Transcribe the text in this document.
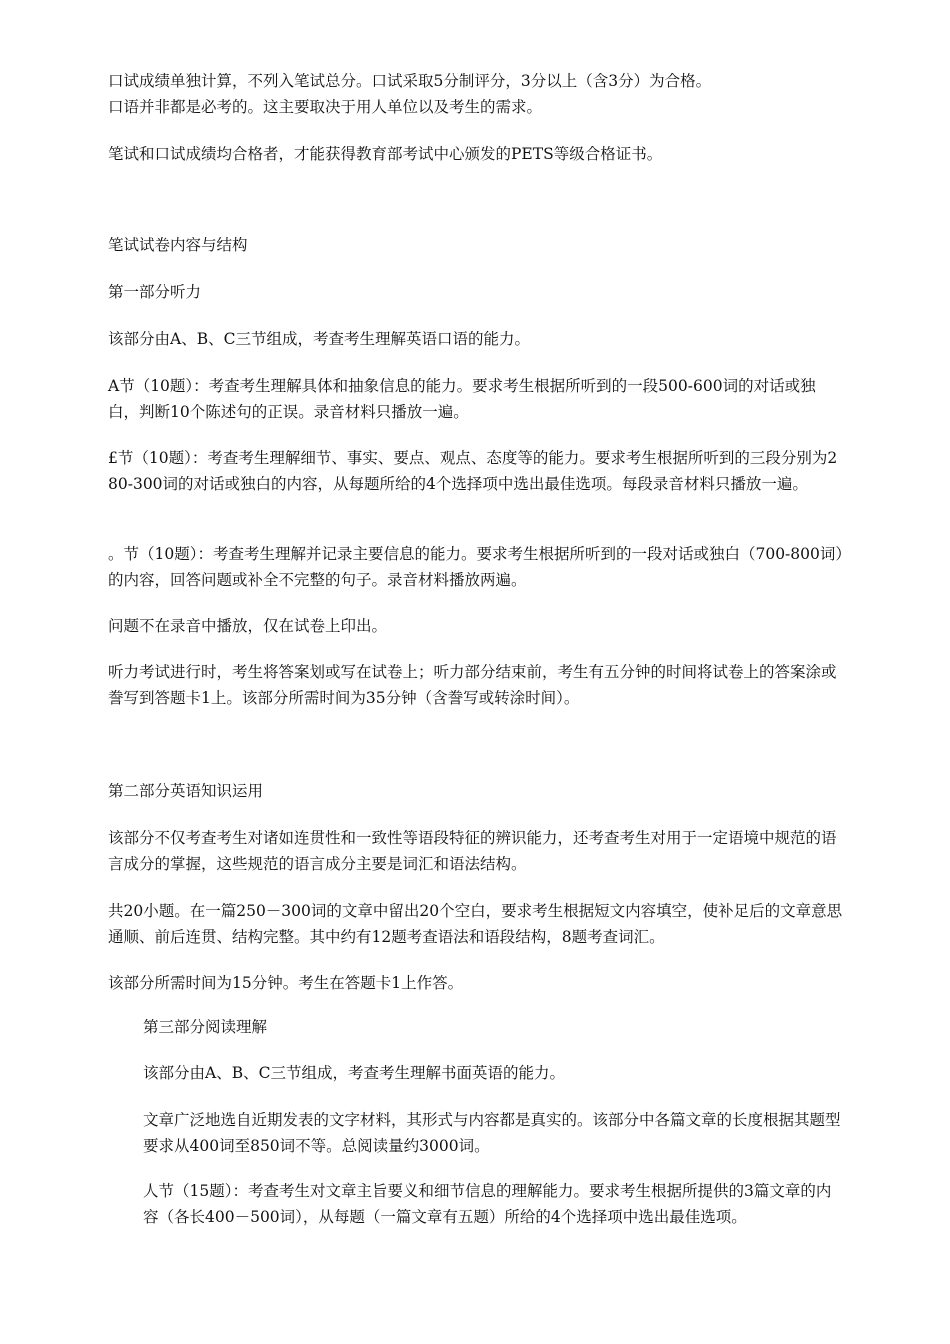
口试成绩单独计算，不列入笔试总分。口试采取5分制评分，3分以上（含3分）为合格。

口语并非都是必考的。这主要取决于用人单位以及考生的需求。

笔试和口试成绩均合格者，才能获得教育部考试中心颁发的PETS等级合格证书。

笔试试卷内容与结构

第一部分听力

该部分由A、B、C三节组成，考查考生理解英语口语的能力。

A节（10题）：考查考生理解具体和抽象信息的能力。要求考生根据所听到的一段500-600词的对话或独白，判断10个陈述句的正误。录音材料只播放一遍。

£节（10题）：考查考生理解细节、事实、要点、观点、态度等的能力。要求考生根据所听到的三段分别为280-300词的对话或独白的内容，从每题所给的4个选择项中选出最佳选项。每段录音材料只播放一遍。

。节（10题）：考查考生理解并记录主要信息的能力。要求考生根据所听到的一段对话或独白（700-800词）的内容，回答问题或补全不完整的句子。录音材料播放两遍。

问题不在录音中播放，仅在试卷上印出。

听力考试进行时，考生将答案划或写在试卷上；听力部分结束前，考生有五分钟的时间将试卷上的答案涂或誊写到答题卡1上。该部分所需时间为35分钟（含誊写或转涂时间）。

第二部分英语知识运用

该部分不仅考查考生对诸如连贯性和一致性等语段特征的辨识能力，还考查考生对用于一定语境中规范的语言成分的掌握，这些规范的语言成分主要是词汇和语法结构。

共20小题。在一篇250－300词的文章中留出20个空白，要求考生根据短文内容填空，使补足后的文章意思通顺、前后连贯、结构完整。其中约有12题考查语法和语段结构，8题考查词汇。

该部分所需时间为15分钟。考生在答题卡1上作答。

第三部分阅读理解

该部分由A、B、C三节组成，考查考生理解书面英语的能力。

文章广泛地选自近期发表的文字材料，其形式与内容都是真实的。该部分中各篇文章的长度根据其题型要求从400词至850词不等。总阅读量约3000词。

人节（15题）：考查考生对文章主旨要义和细节信息的理解能力。要求考生根据所提供的3篇文章的内容（各长400－500词），从每题（一篇文章有五题）所给的4个选择项中选出最佳选项。
